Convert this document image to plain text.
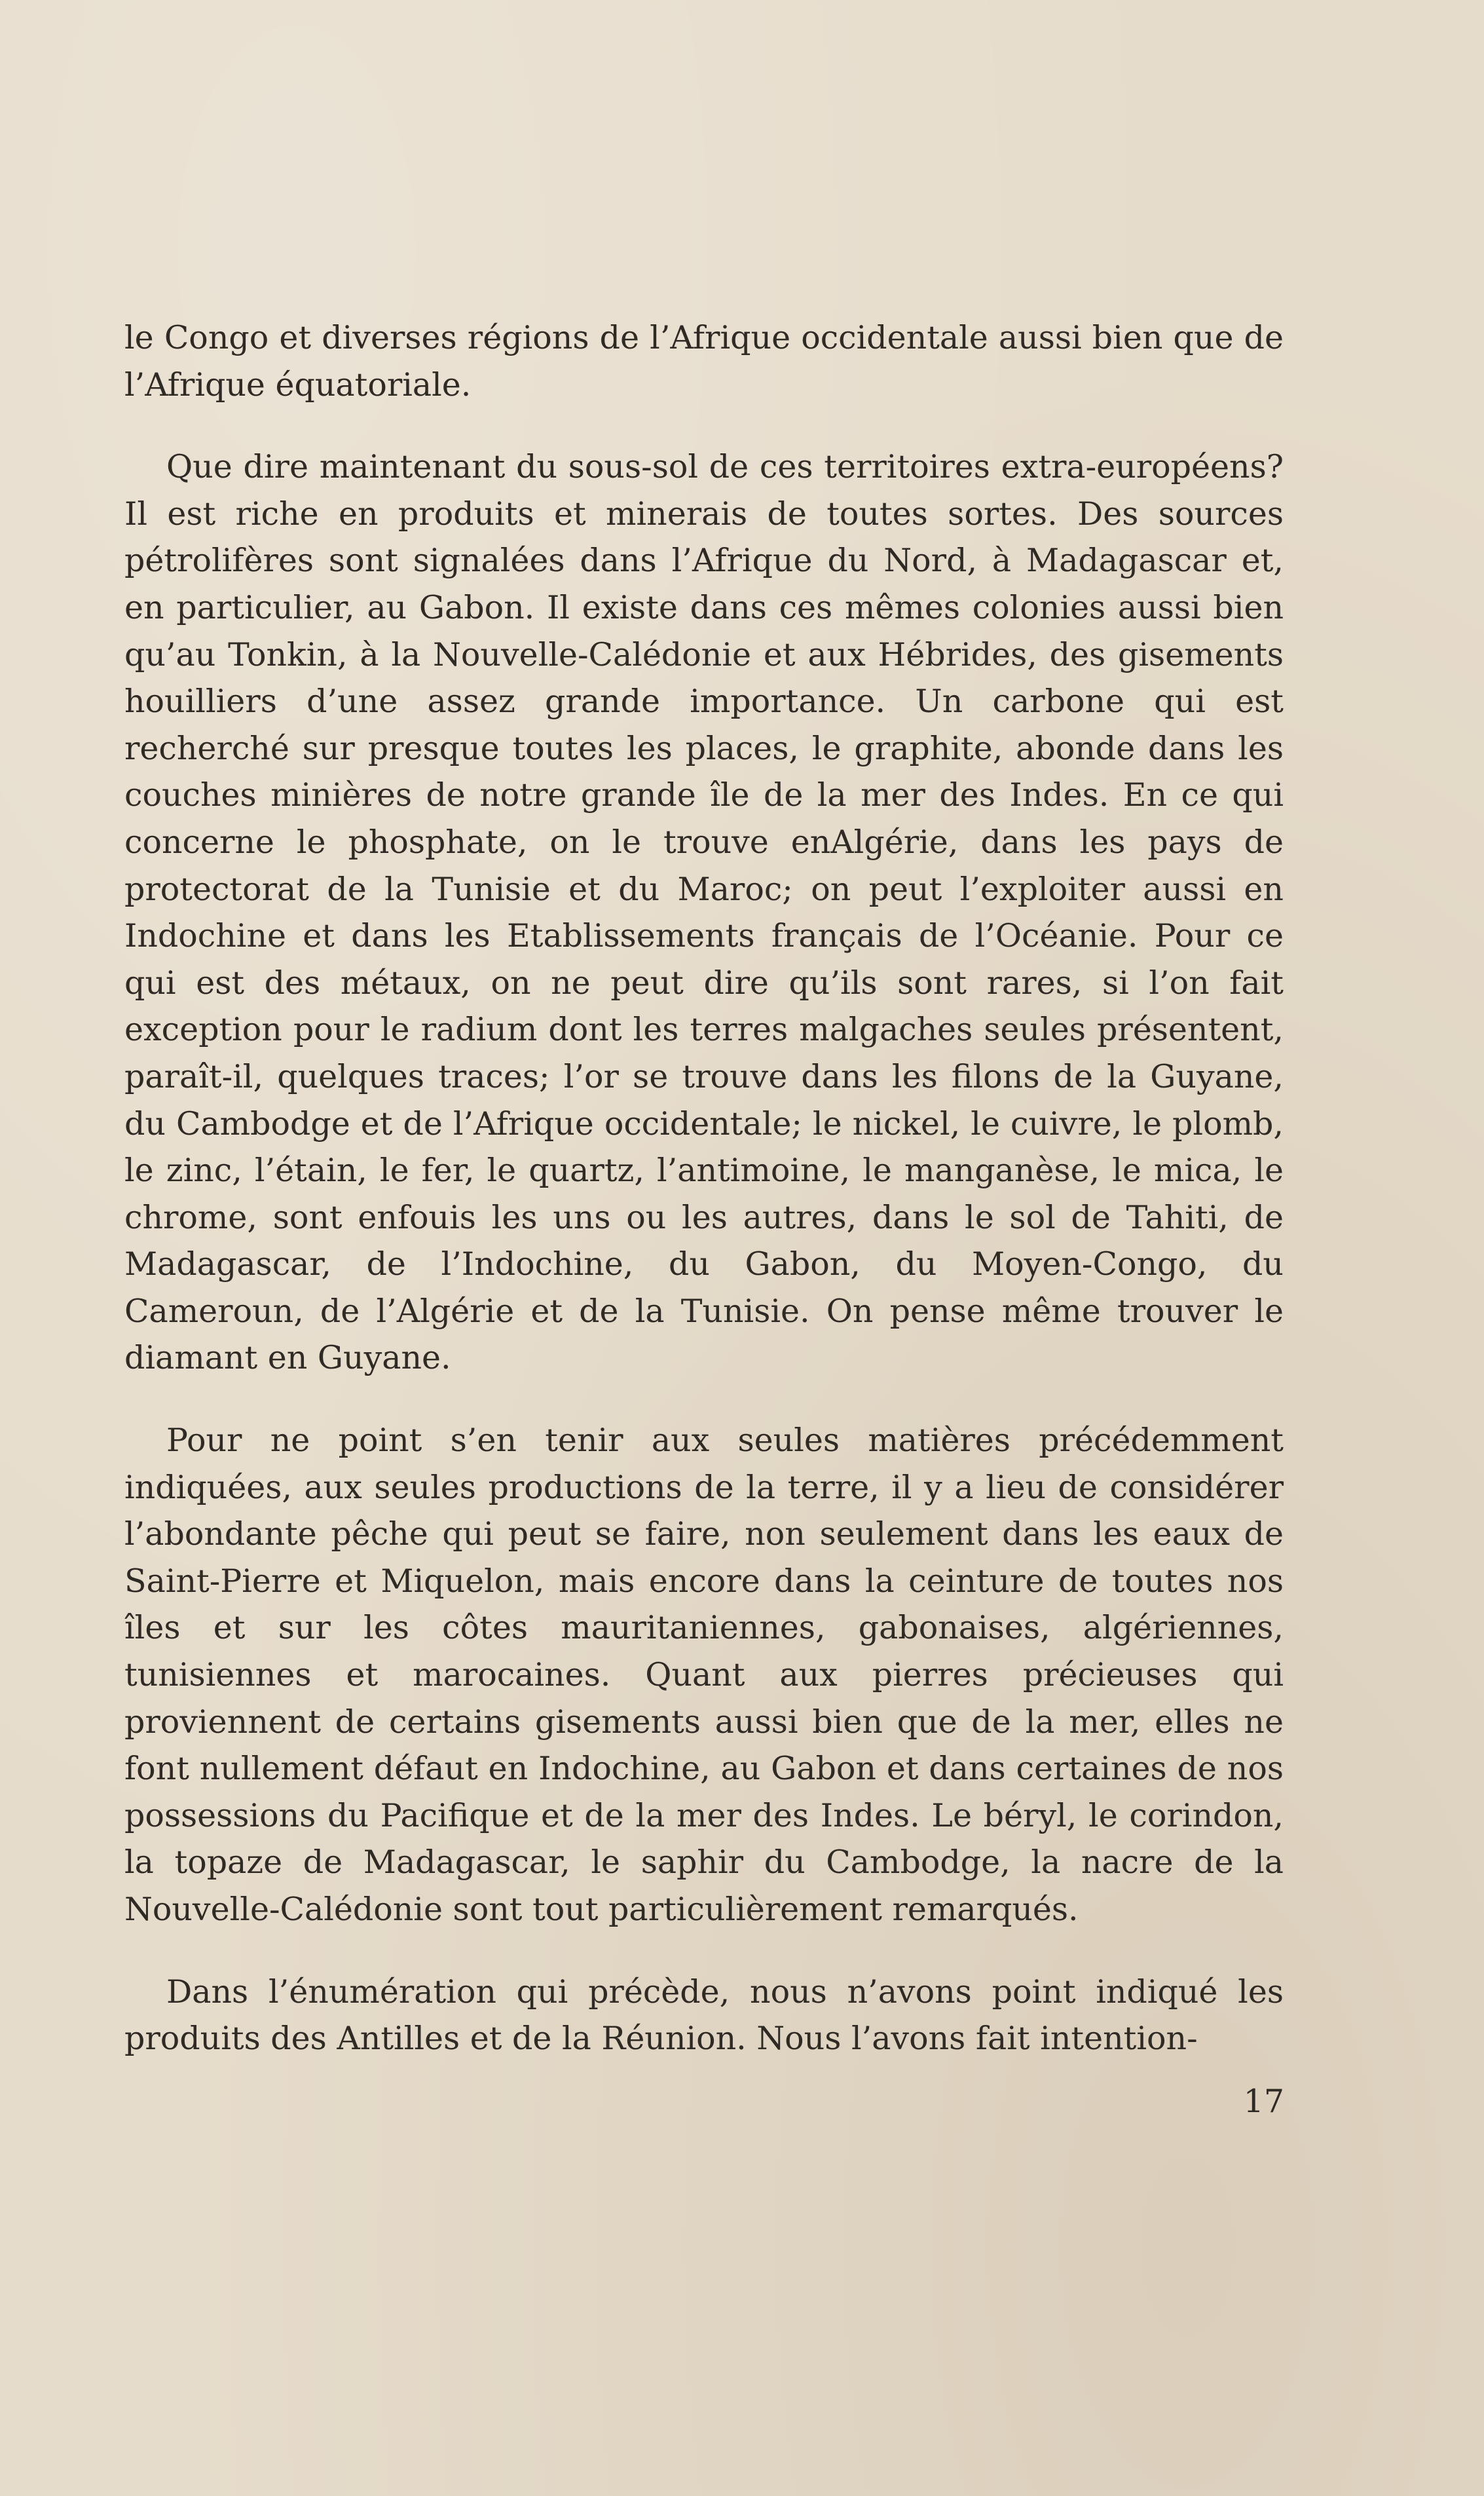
le Congo et diverses régions de l’Afrique occidentale aussi bien que de l’Afrique équatoriale.

Que dire maintenant du sous-sol de ces territoires extra-européens? Il est riche en produits et minerais de toutes sortes. Des sources pétrolifères sont signalées dans l’Afrique du Nord, à Madagascar et, en particulier, au Gabon. Il existe dans ces mêmes colonies aussi bien qu’au Tonkin, à la Nouvelle-Calédonie et aux Hébrides, des gisements houilliers d’une assez grande importance. Un carbone qui est recherché sur presque toutes les places, le graphite, abonde dans les couches minières de notre grande île de la mer des Indes. En ce qui concerne le phosphate, on le trouve enAlgérie, dans les pays de protectorat de la Tunisie et du Maroc; on peut l’exploiter aussi en Indochine et dans les Etablissements français de l’Océanie. Pour ce qui est des métaux, on ne peut dire qu’ils sont rares, si l’on fait exception pour le radium dont les terres malgaches seules présentent, paraît-il, quelques traces; l’or se trouve dans les filons de la Guyane, du Cambodge et de l’Afrique occidentale; le nickel, le cuivre, le plomb, le zinc, l’étain, le fer, le quartz, l’antimoine, le manganèse, le mica, le chrome, sont enfouis les uns ou les autres, dans le sol de Tahiti, de Madagascar, de l’Indochine, du Gabon, du Moyen-Congo, du Cameroun, de l’Algérie et de la Tunisie. On pense même trouver le diamant en Guyane.

Pour ne point s’en tenir aux seules matières précédemment indiquées, aux seules productions de la terre, il y a lieu de considérer l’abondante pêche qui peut se faire, non seulement dans les eaux de Saint-Pierre et Miquelon, mais encore dans la ceinture de toutes nos îles et sur les côtes mauritaniennes, gabonaises, algériennes, tunisiennes et marocaines. Quant aux pierres précieuses qui proviennent de certains gisements aussi bien que de la mer, elles ne font nullement défaut en Indochine, au Gabon et dans certaines de nos possessions du Pacifique et de la mer des Indes. Le béryl, le corindon, la topaze de Madagascar, le saphir du Cambodge, la nacre de la Nouvelle-Calédonie sont tout particulièrement remarqués.

Dans l’énumération qui précède, nous n’avons point indiqué les produits des Antilles et de la Réunion. Nous l’avons fait intention-

17
